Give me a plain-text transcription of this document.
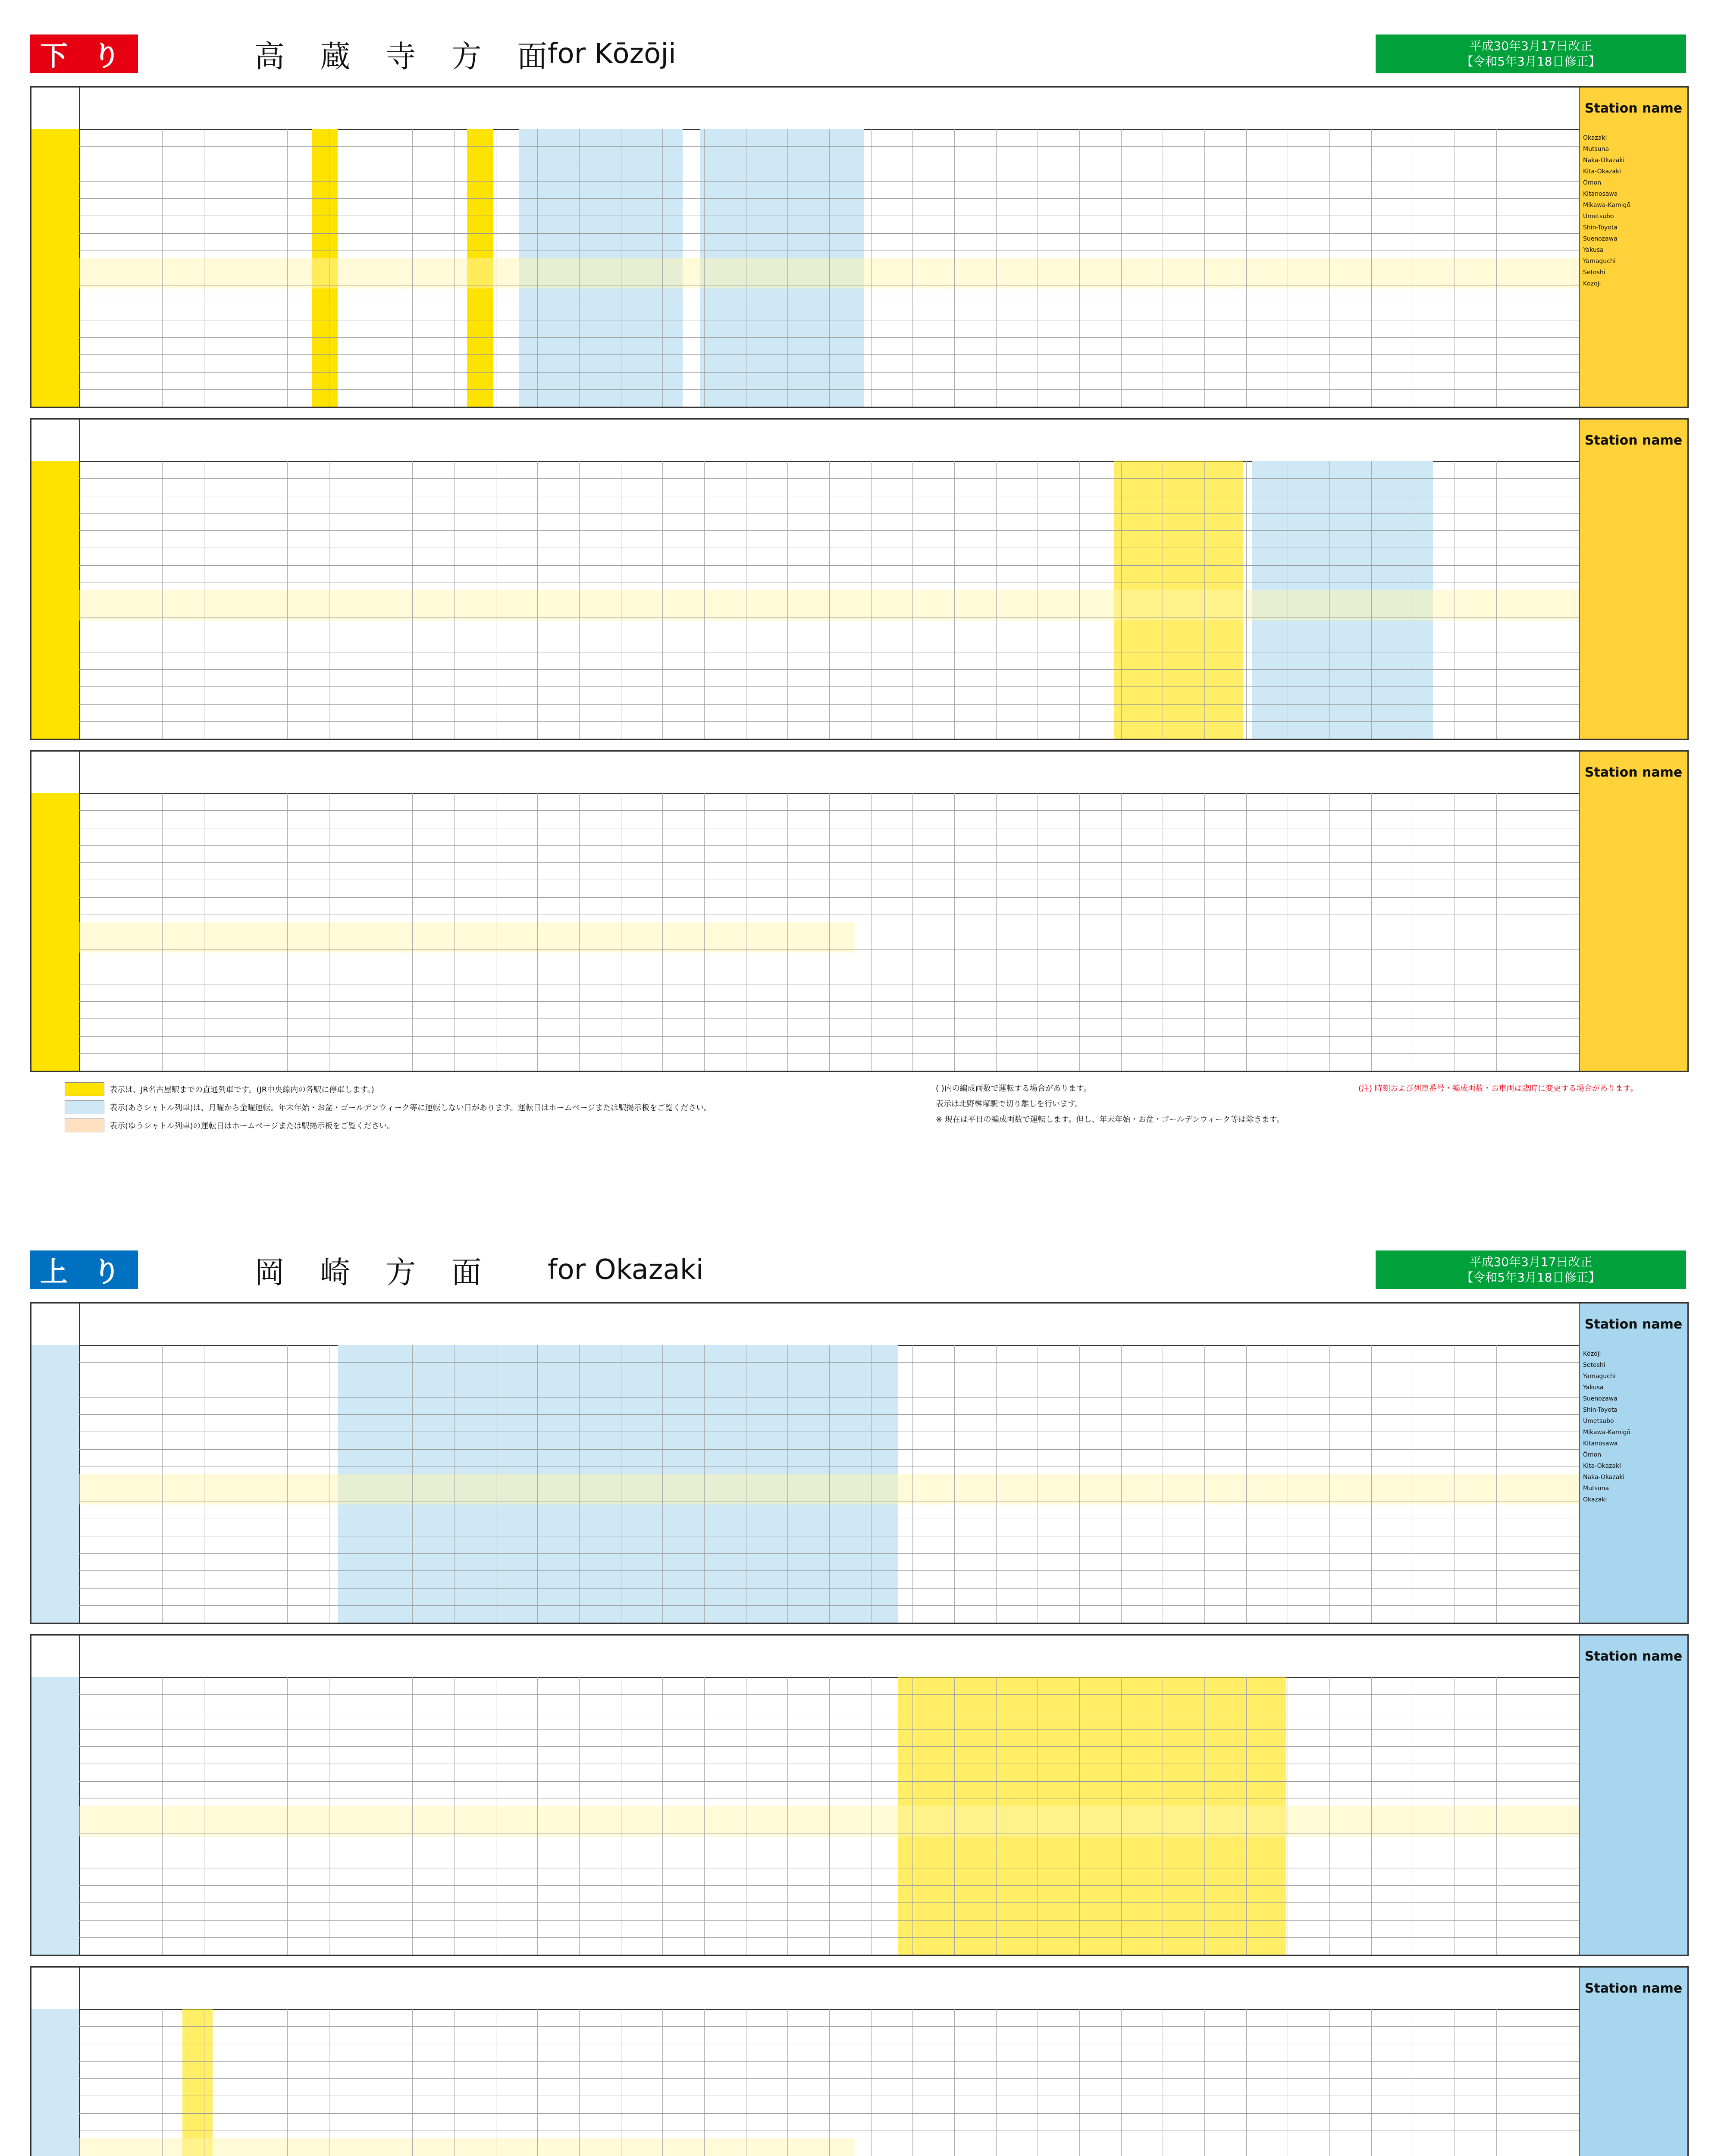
下 り	高 蔵 寺 方 面
for Kōzōji	平成30年3月17日改正
【令和5年3月18日修正】
Station name
Okazaki
Mutsuna
Naka-Okazaki
Kita-Okazaki
Ōmon
Kitanosawa
Mikawa-Kamigō
Umetsubo
Shin-Toyota
Suenozawa
Yakusa
Yamaguchi
Setoshi
Kōzōji
Station name
Station name
表示は、JR名古屋駅までの直通列車です。(JR中央線内の各駅に停車します。)
表示(あさシャトル列車)は、月曜から金曜運転。年末年始・お盆・ゴールデンウィーク等に運転しない日があります。運転日はホームページまたは駅掲示板をご覧ください。
表示(ゆうシャトル列車)の運転日はホームページまたは駅掲示板をご覧ください。
( )内の編成両数で運転する場合があります。
表示は北野桝塚駅で切り離しを行います。
※ 現在は平日の編成両数で運転します。但し、年末年始・お盆・ゴールデンウィーク等は除きます。
(注) 時刻および列車番号・編成両数・お車両は臨時に変更する場合があります。
上 り	岡 崎 方 面 for Okazaki	平成30年3月17日改正
【令和5年3月18日修正】
Station name
Kōzōji
Setoshi
Yamaguchi
Yakusa
Suenozawa
Shin-Toyota
Umetsubo
Mikawa-Kamigō
Kitanosawa
Ōmon
Kita-Okazaki
Naka-Okazaki
Mutsuna
Okazaki
Station name
Station name
